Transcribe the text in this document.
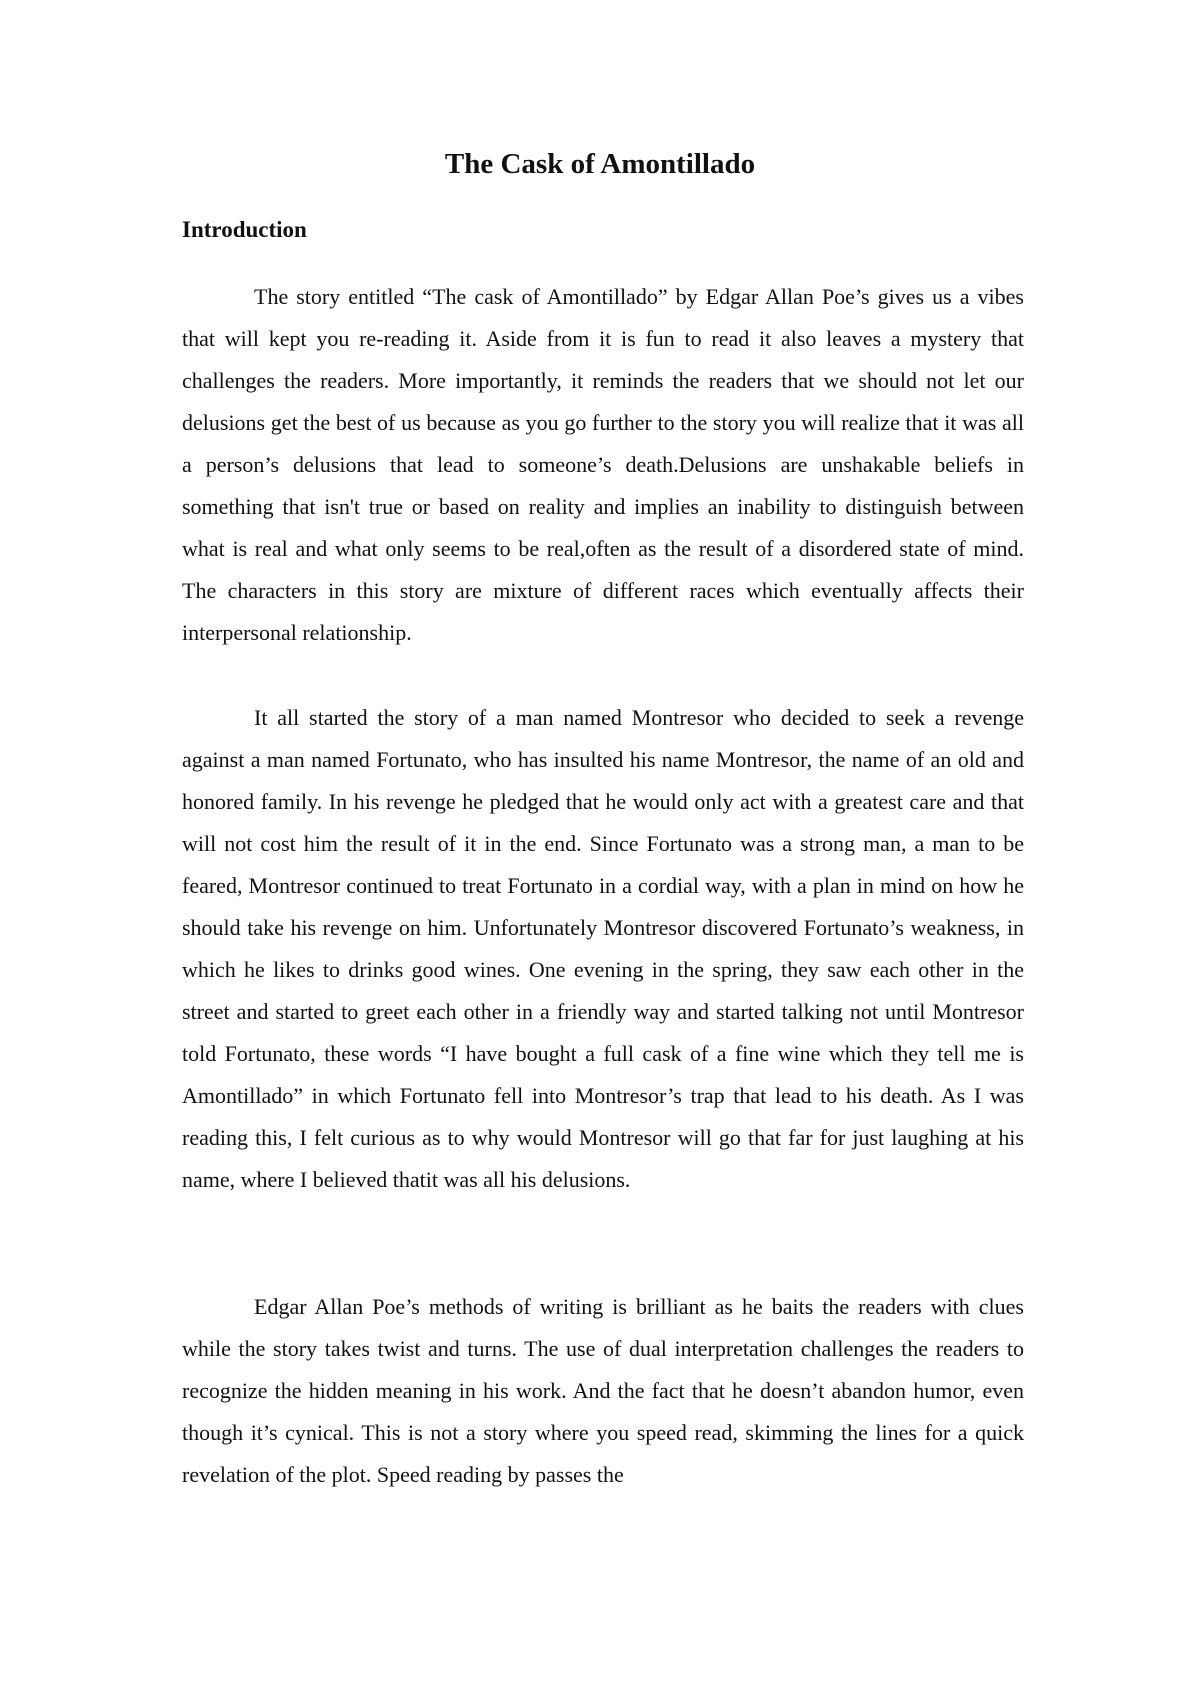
The Cask of Amontillado
Introduction

The story entitled “The cask of Amontillado” by Edgar Allan Poe’s gives us a vibes that will kept you re-reading it. Aside from it is fun to read it also leaves a mystery that challenges the readers. More importantly, it reminds the readers that we should not let our delusions get the best of us because as you go further to the story you will realize that it was all a person’s delusions that lead to someone’s death.Delusions are unshakable beliefs in something that isn't true or based on reality and implies an inability to distinguish between what is real and what only seems to be real,often as the result of a disordered state of mind. The characters in this story are mixture of different races which eventually affects their interpersonal relationship.

It all started the story of a man named Montresor who decided to seek a revenge against a man named Fortunato, who has insulted his name Montresor, the name of an old and honored family. In his revenge he pledged that he would only act with a greatest care and that will not cost him the result of it in the end. Since Fortunato was a strong man, a man to be feared, Montresor continued to treat Fortunato in a cordial way, with a plan in mind on how he should take his revenge on him. Unfortunately Montresor discovered Fortunato’s weakness, in which he likes to drinks good wines. One evening in the spring, they saw each other in the street and started to greet each other in a friendly way and started talking not until Montresor told Fortunato, these words “I have bought a full cask of a fine wine which they tell me is Amontillado” in which Fortunato fell into Montresor’s trap that lead to his death. As I was reading this, I felt curious as to why would Montresor will go that far for just laughing at his name, where I believed thatit was all his delusions.

Edgar Allan Poe’s methods of writing is brilliant as he baits the readers with clues while the story takes twist and turns. The use of dual interpretation challenges the readers to recognize the hidden meaning in his work. And the fact that he doesn’t abandon humor, even though it’s cynical. This is not a story where you speed read, skimming the lines for a quick revelation of the plot. Speed reading by passes the
